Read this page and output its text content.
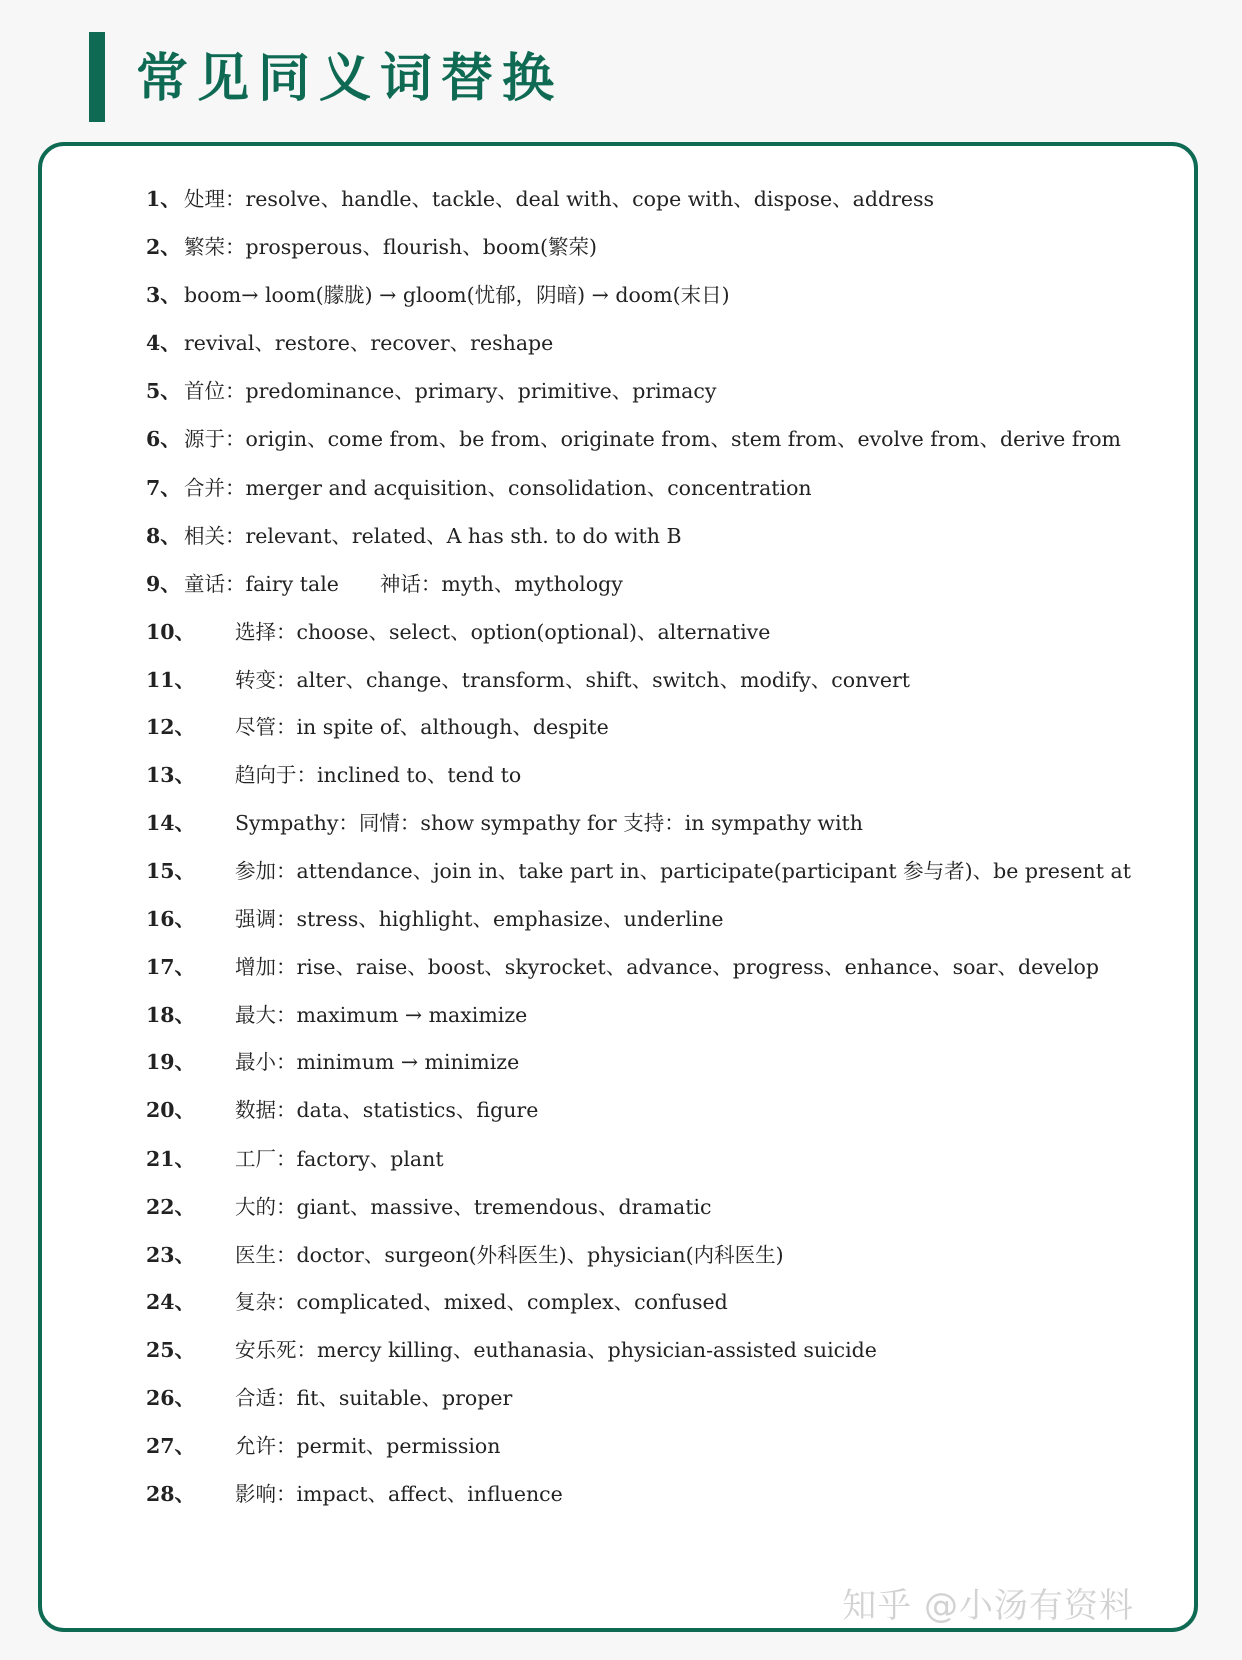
常见同义词替换
1、 处理：resolve、handle、tackle、deal with、cope with、dispose、address
2、 繁荣：prosperous、flourish、boom(繁荣)
3、 boom→ loom(朦胧) → gloom(忧郁，阴暗) → doom(末日)
4、 revival、restore、recover、reshape
5、 首位：predominance、primary、primitive、primacy
6、 源于：origin、come from、be from、originate from、stem from、evolve from、derive from
7、 合并：merger and acquisition、consolidation、concentration
8、 相关：relevant、related、A has sth. to do with B
9、 童话：fairy tale　　神话：myth、mythology
10、 选择：choose、select、option(optional)、alternative
11、 转变：alter、change、transform、shift、switch、modify、convert
12、 尽管：in spite of、although、despite
13、 趋向于：inclined to、tend to
14、 Sympathy：同情：show sympathy for 支持：in sympathy with
15、 参加：attendance、join in、take part in、participate(participant 参与者)、be present at
16、 强调：stress、highlight、emphasize、underline
17、 增加：rise、raise、boost、skyrocket、advance、progress、enhance、soar、develop
18、 最大：maximum → maximize
19、 最小：minimum → minimize
20、 数据：data、statistics、figure
21、 工厂：factory、plant
22、 大的：giant、massive、tremendous、dramatic
23、 医生：doctor、surgeon(外科医生)、physician(内科医生)
24、 复杂：complicated、mixed、complex、confused
25、 安乐死：mercy killing、euthanasia、physician-assisted suicide
26、 合适：fit、suitable、proper
27、 允许：permit、permission
28、 影响：impact、affect、influence
知乎 @小汤有资料
